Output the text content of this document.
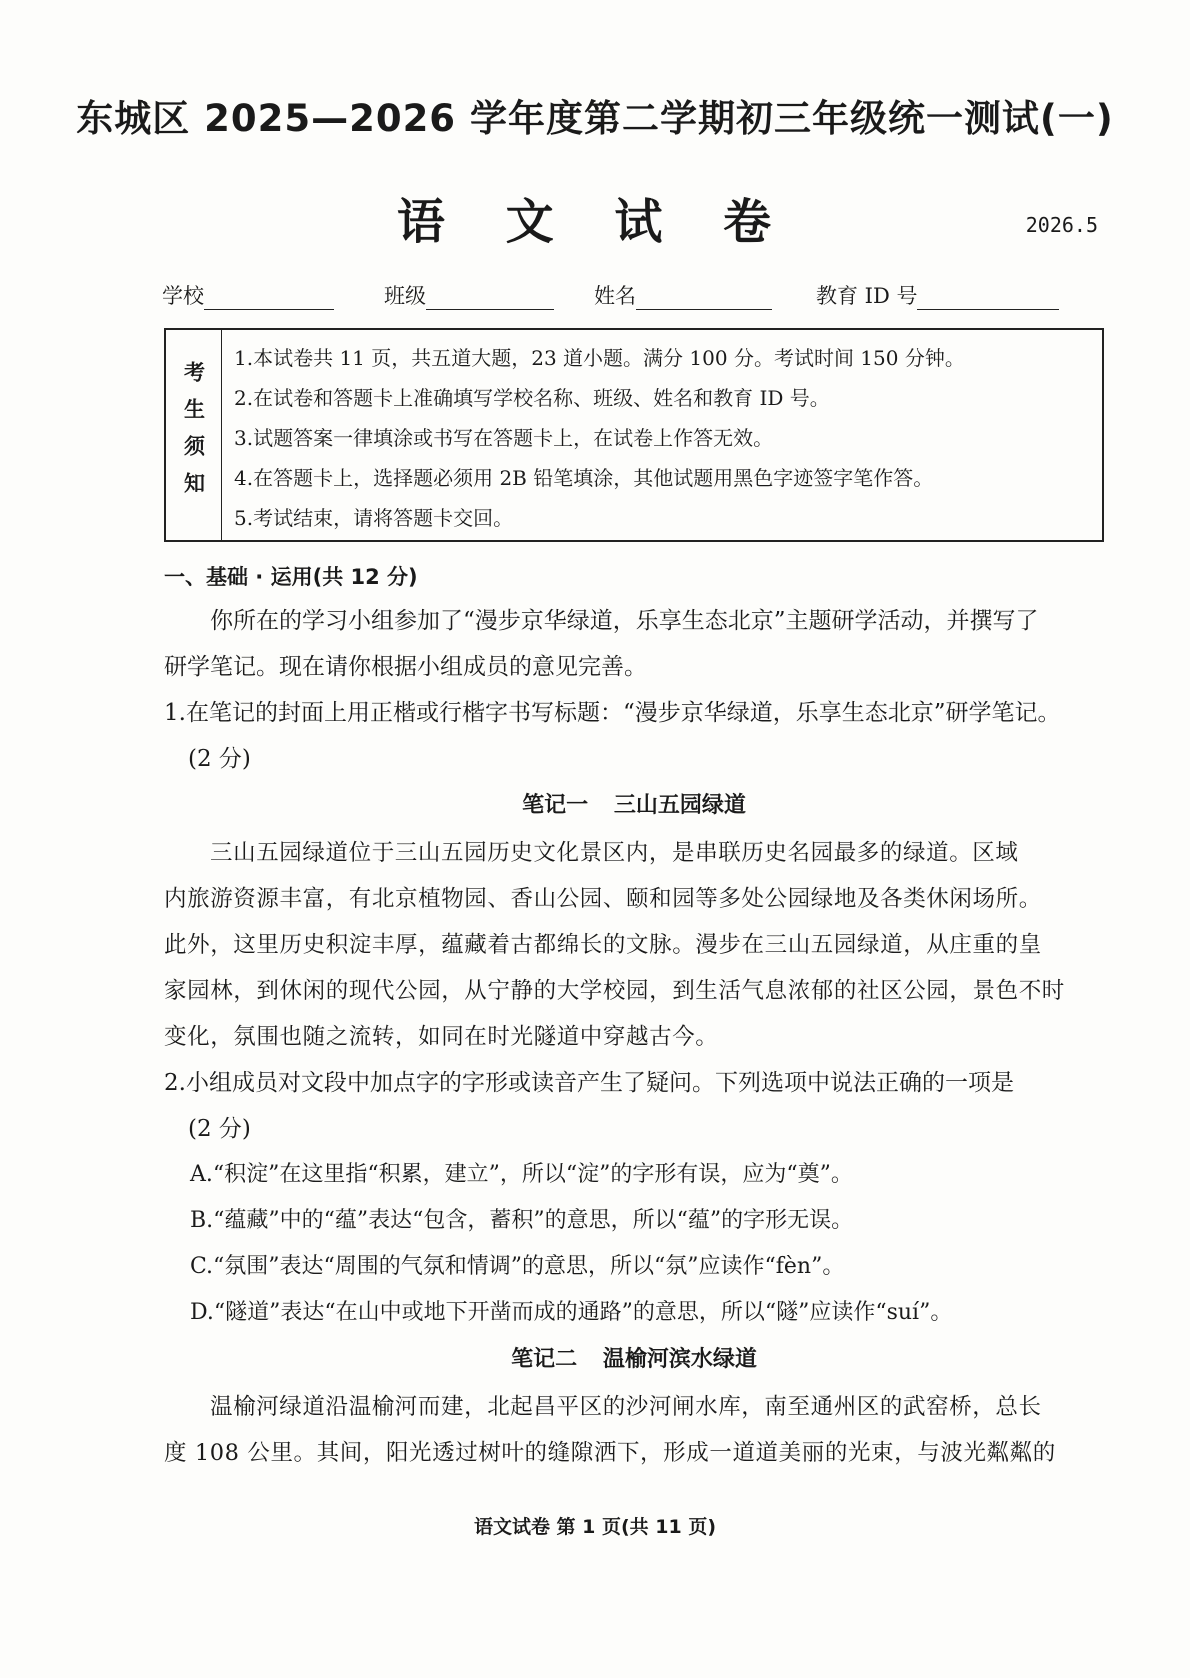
东城区 2025—2026 学年度第二学期初三年级统一测试(一)
语 文 试 卷	2026.5
学校	班级	姓名	教育 ID 号
考生须知
1.本试卷共 11 页，共五道大题，23 道小题。满分 100 分。考试时间 150 分钟。
2.在试卷和答题卡上准确填写学校名称、班级、姓名和教育 ID 号。
3.试题答案一律填涂或书写在答题卡上，在试卷上作答无效。
4.在答题卡上，选择题必须用 2B 铅笔填涂，其他试题用黑色字迹签字笔作答。
5.考试结束，请将答题卡交回。
一、基础 · 运用(共 12 分)
你所在的学习小组参加了“漫步京华绿道，乐享生态北京”主题研学活动，并撰写了
研学笔记。现在请你根据小组成员的意见完善。
1.在笔记的封面上用正楷或行楷字书写标题：“漫步京华绿道，乐享生态北京”研学笔记。
(2 分)
笔记一 三山五园绿道
三山五园绿道位于三山五园历史文化景区内，是串联历史名园最多的绿道。区域
内旅游资源丰富，有北京植物园、香山公园、颐和园等多处公园绿地及各类休闲场所。
此外，这里历史积淀丰厚，蕴藏着古都绵长的文脉。漫步在三山五园绿道，从庄重的皇
家园林，到休闲的现代公园，从宁静的大学校园，到生活气息浓郁的社区公园，景色不时
变化，氛围也随之流转，如同在时光隧道中穿越古今。
2.小组成员对文段中加点字的字形或读音产生了疑问。下列选项中说法正确的一项是
(2 分)
A.“积淀”在这里指“积累，建立”，所以“淀”的字形有误，应为“奠”。
B.“蕴藏”中的“蕴”表达“包含，蓄积”的意思，所以“蕴”的字形无误。
C.“氛围”表达“周围的气氛和情调”的意思，所以“氛”应读作“fèn”。
D.“隧道”表达“在山中或地下开凿而成的通路”的意思，所以“隧”应读作“suí”。
笔记二 温榆河滨水绿道
温榆河绿道沿温榆河而建，北起昌平区的沙河闸水库，南至通州区的武窑桥，总长
度 108 公里。其间，阳光透过树叶的缝隙洒下，形成一道道美丽的光束，与波光粼粼的
语文试卷 第 1 页(共 11 页)
